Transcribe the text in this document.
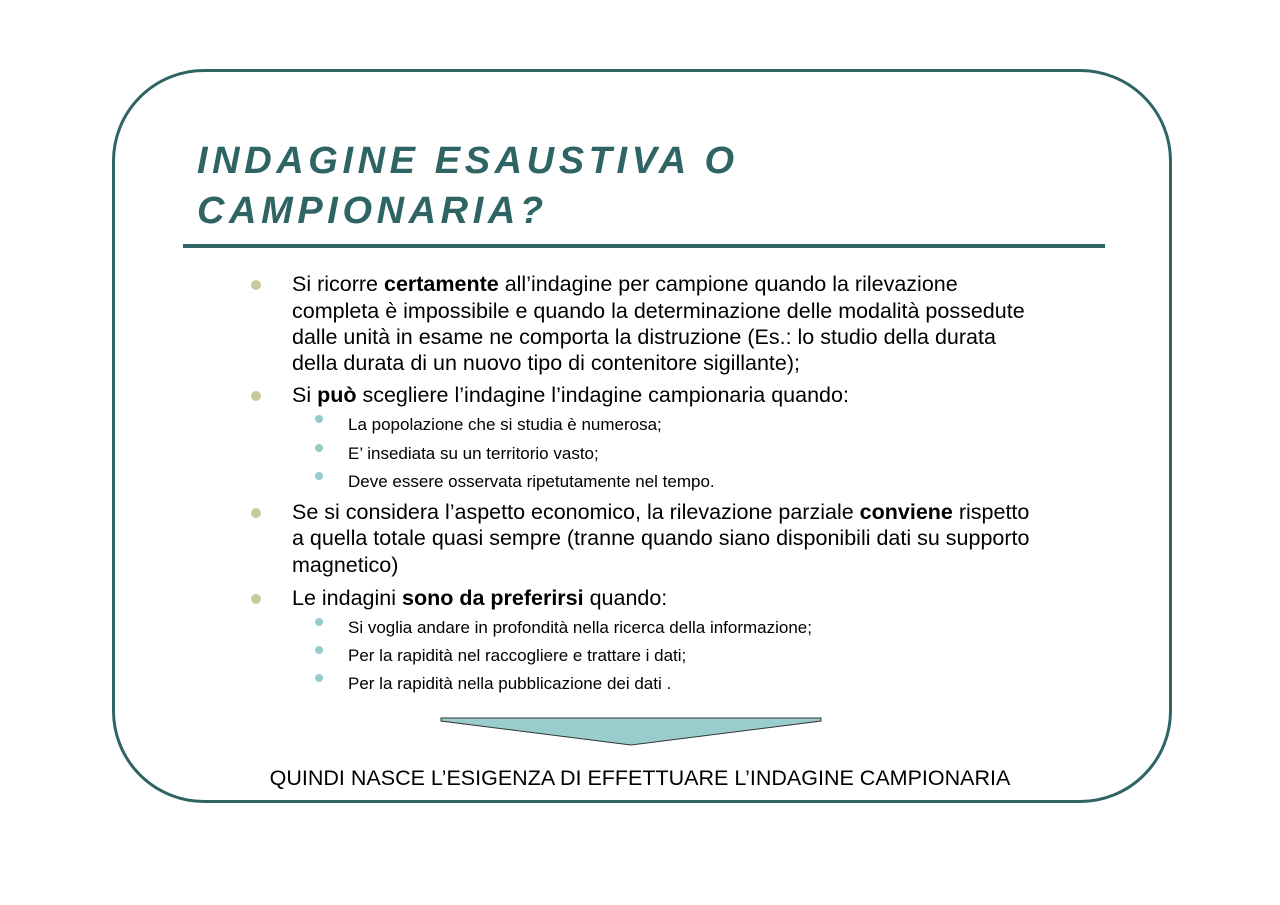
INDAGINE ESAUSTIVA O
CAMPIONARIA?
Si ricorre certamente all’indagine per campione quando la rilevazione
completa è impossibile e quando la determinazione delle modalità possedute
dalle unità in esame ne comporta la distruzione (Es.: lo studio della durata
della durata di un nuovo tipo di contenitore sigillante);
Si può scegliere l’indagine l’indagine campionaria quando:
La popolazione che si studia è numerosa;
E’ insediata su un territorio vasto;
Deve essere osservata ripetutamente nel tempo.
Se si considera l’aspetto economico, la rilevazione parziale conviene rispetto
a quella totale quasi sempre (tranne quando siano disponibili dati su supporto
magnetico)
Le indagini sono da preferirsi quando:
Si voglia andare in profondità nella ricerca della informazione;
Per la rapidità nel raccogliere e trattare i dati;
Per la rapidità nella pubblicazione dei dati .
QUINDI NASCE L’ESIGENZA DI EFFETTUARE L’INDAGINE CAMPIONARIA
